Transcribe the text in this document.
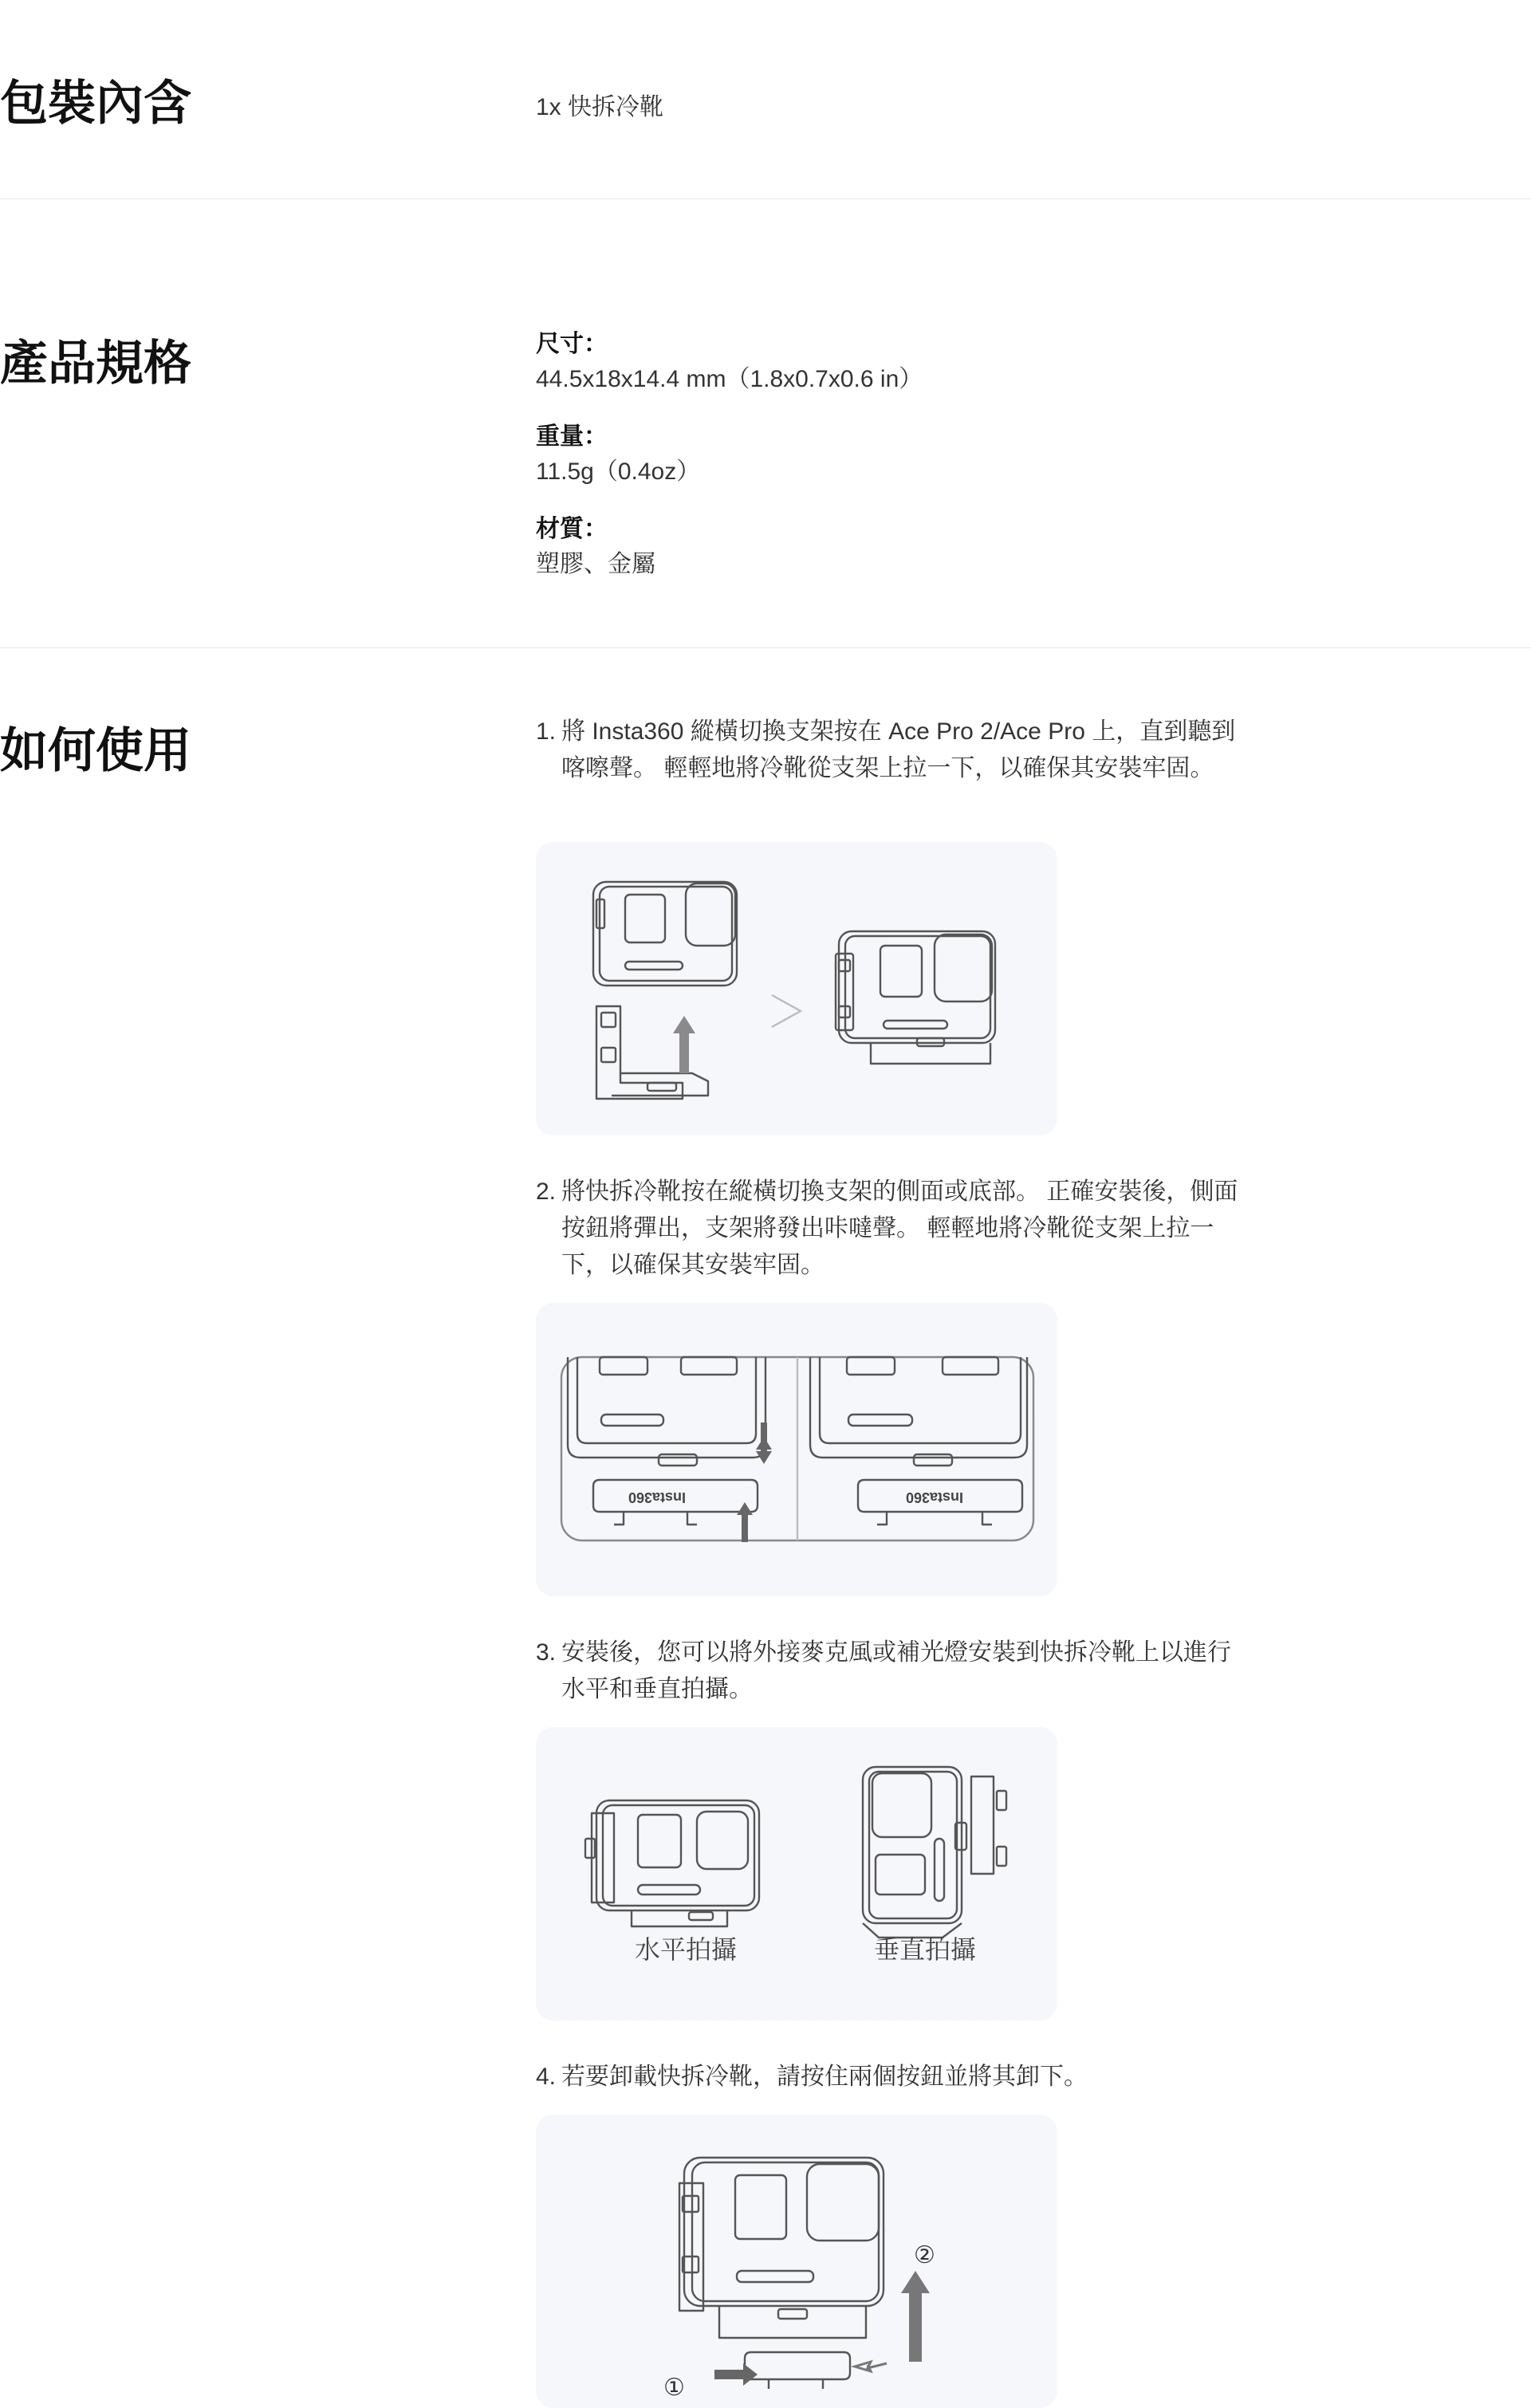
包裝內含	1x 快拆冷靴

產品規格	尺寸：

44.5x18x14.4 mm（1.8x0.7x0.6 in）

重量：

11.5g（0.4oz）

材質：

塑膠、金屬

如何使用	1. 將 Insta360 縱橫切換支架按在 Ace Pro 2/Ace Pro 上，直到聽到喀嚓聲。 輕輕地將冷靴從支架上拉一下，以確保其安裝牢固。
2. 將快拆冷靴按在縱橫切換支架的側面或底部。 正確安裝後，側面按鈕將彈出，支架將發出咔噠聲。 輕輕地將冷靴從支架上拉一下，以確保其安裝牢固。
Insta360	Insta360
3. 安裝後，您可以將外接麥克風或補光燈安裝到快拆冷靴上以進行水平和垂直拍攝。
水平拍攝	垂直拍攝
4. 若要卸載快拆冷靴，請按住兩個按鈕並將其卸下。
②
①
